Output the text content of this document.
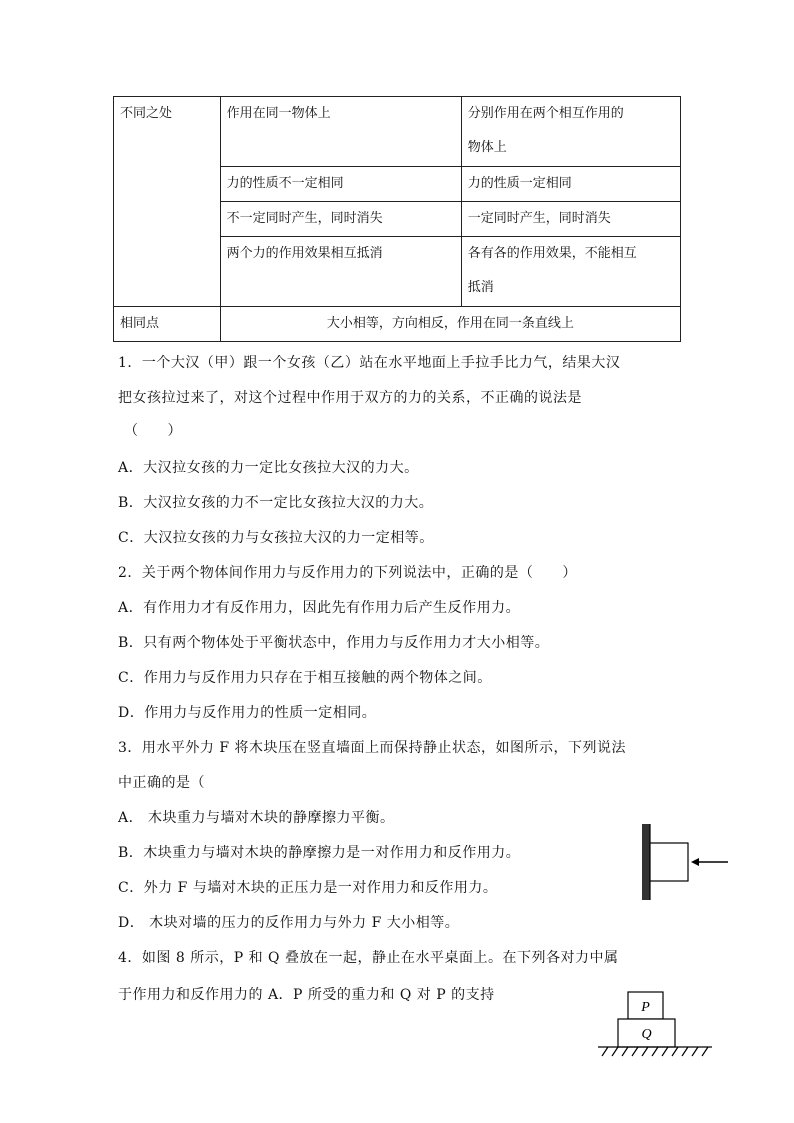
不同之处	作用在同一物体上	分别作用在两个相互作用的
物体上

	力的性质不一定相同	力的性质一定相同
	不一定同时产生，同时消失	一定同时产生，同时消失
	两个力的作用效果相互抵消	各有各的作用效果，不能相互
抵消

相同点	大小相等，方向相反，作用在同一条直线上	
1．一个大汉（甲）跟一个女孩（乙）站在水平地面上手拉手比力气，结果大汉
把女孩拉过来了，对这个过程中作用于双方的力的关系，不正确的说法是
（　　）
A．大汉拉女孩的力一定比女孩拉大汉的力大。
B．大汉拉女孩的力不一定比女孩拉大汉的力大。
C．大汉拉女孩的力与女孩拉大汉的力一定相等。
2．关于两个物体间作用力与反作用力的下列说法中，正确的是（　　）
A．有作用力才有反作用力，因此先有作用力后产生反作用力。
B．只有两个物体处于平衡状态中，作用力与反作用力才大小相等。
C．作用力与反作用力只存在于相互接触的两个物体之间。
D．作用力与反作用力的性质一定相同。
3．用水平外力 F 将木块压在竖直墙面上而保持静止状态，如图所示，下列说法
中正确的是（
A． 木块重力与墙对木块的静摩擦力平衡。
B．木块重力与墙对木块的静摩擦力是一对作用力和反作用力。
C．外力 F 与墙对木块的正压力是一对作用力和反作用力。
D． 木块对墙的压力的反作用力与外力 F 大小相等。
4．如图 8 所示，P 和 Q 叠放在一起，静止在水平桌面上。在下列各对力中属
于作用力和反作用力的 A．P 所受的重力和 Q 对 P 的支持
P
Q
